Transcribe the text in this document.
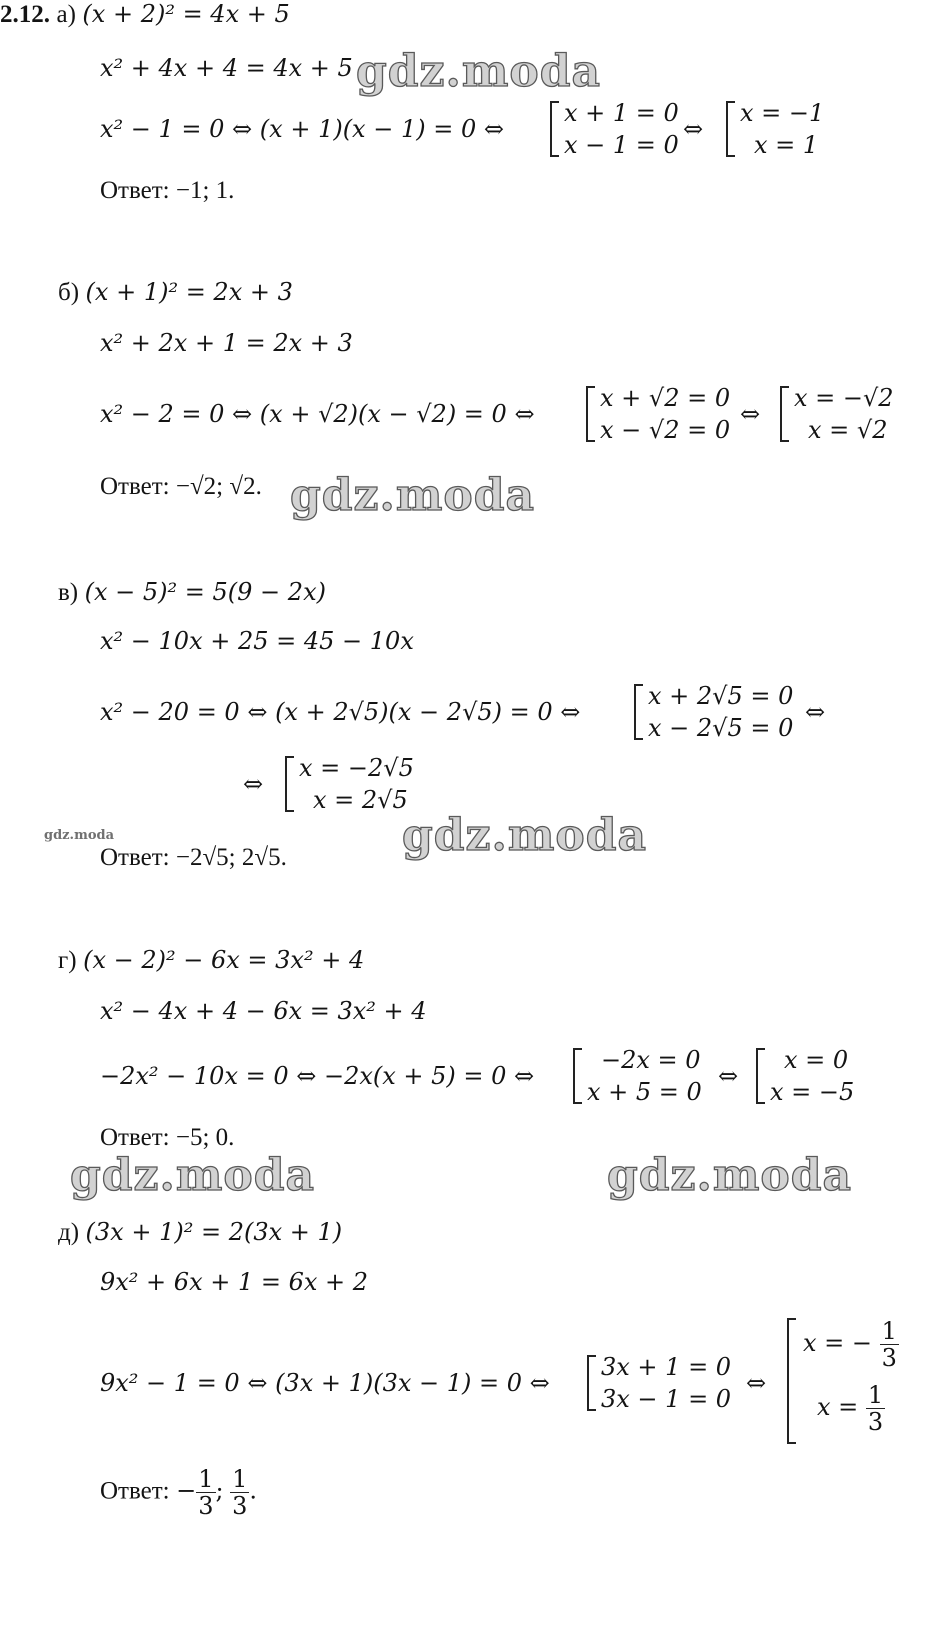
2.12. а) (x + 2)² = 4x + 5
x² + 4x + 4 = 4x + 5
x² − 1 = 0 ⇔ (x + 1)(x − 1) = 0 ⇔
x + 1 = 0
x − 1 = 0
⇔
x = −1
x = 1
Ответ: −1; 1.
б) (x + 1)² = 2x + 3
x² + 2x + 1 = 2x + 3
x² − 2 = 0 ⇔ (x + √2)(x − √2) = 0 ⇔
x + √2 = 0
x − √2 = 0
⇔
x = −√2
x = √2
Ответ: −√2; √2.
в) (x − 5)² = 5(9 − 2x)
x² − 10x + 25 = 45 − 10x
x² − 20 = 0 ⇔ (x + 2√5)(x − 2√5) = 0 ⇔
x + 2√5 = 0
x − 2√5 = 0
⇔
⇔
x = −2√5
x = 2√5
Ответ: −2√5; 2√5.
г) (x − 2)² − 6x = 3x² + 4
x² − 4x + 4 − 6x = 3x² + 4
−2x² − 10x = 0 ⇔ −2x(x + 5) = 0 ⇔
−2x = 0
x + 5 = 0
⇔
x = 0
x = −5
Ответ: −5; 0.
д) (3x + 1)² = 2(3x + 1)
9x² + 6x + 1 = 6x + 2
9x² − 1 = 0 ⇔ (3x + 1)(3x − 1) = 0 ⇔
3x + 1 = 0
3x − 1 = 0
⇔
x = − $\frac{1}{3}$
$x = \frac{1}{3}$
Ответ: − $\frac{1}{3}$ ; $\frac{1}{3}$ .
gdz.moda
gdz.moda
gdz.moda	gdz.moda
gdz.moda	gdz.moda
